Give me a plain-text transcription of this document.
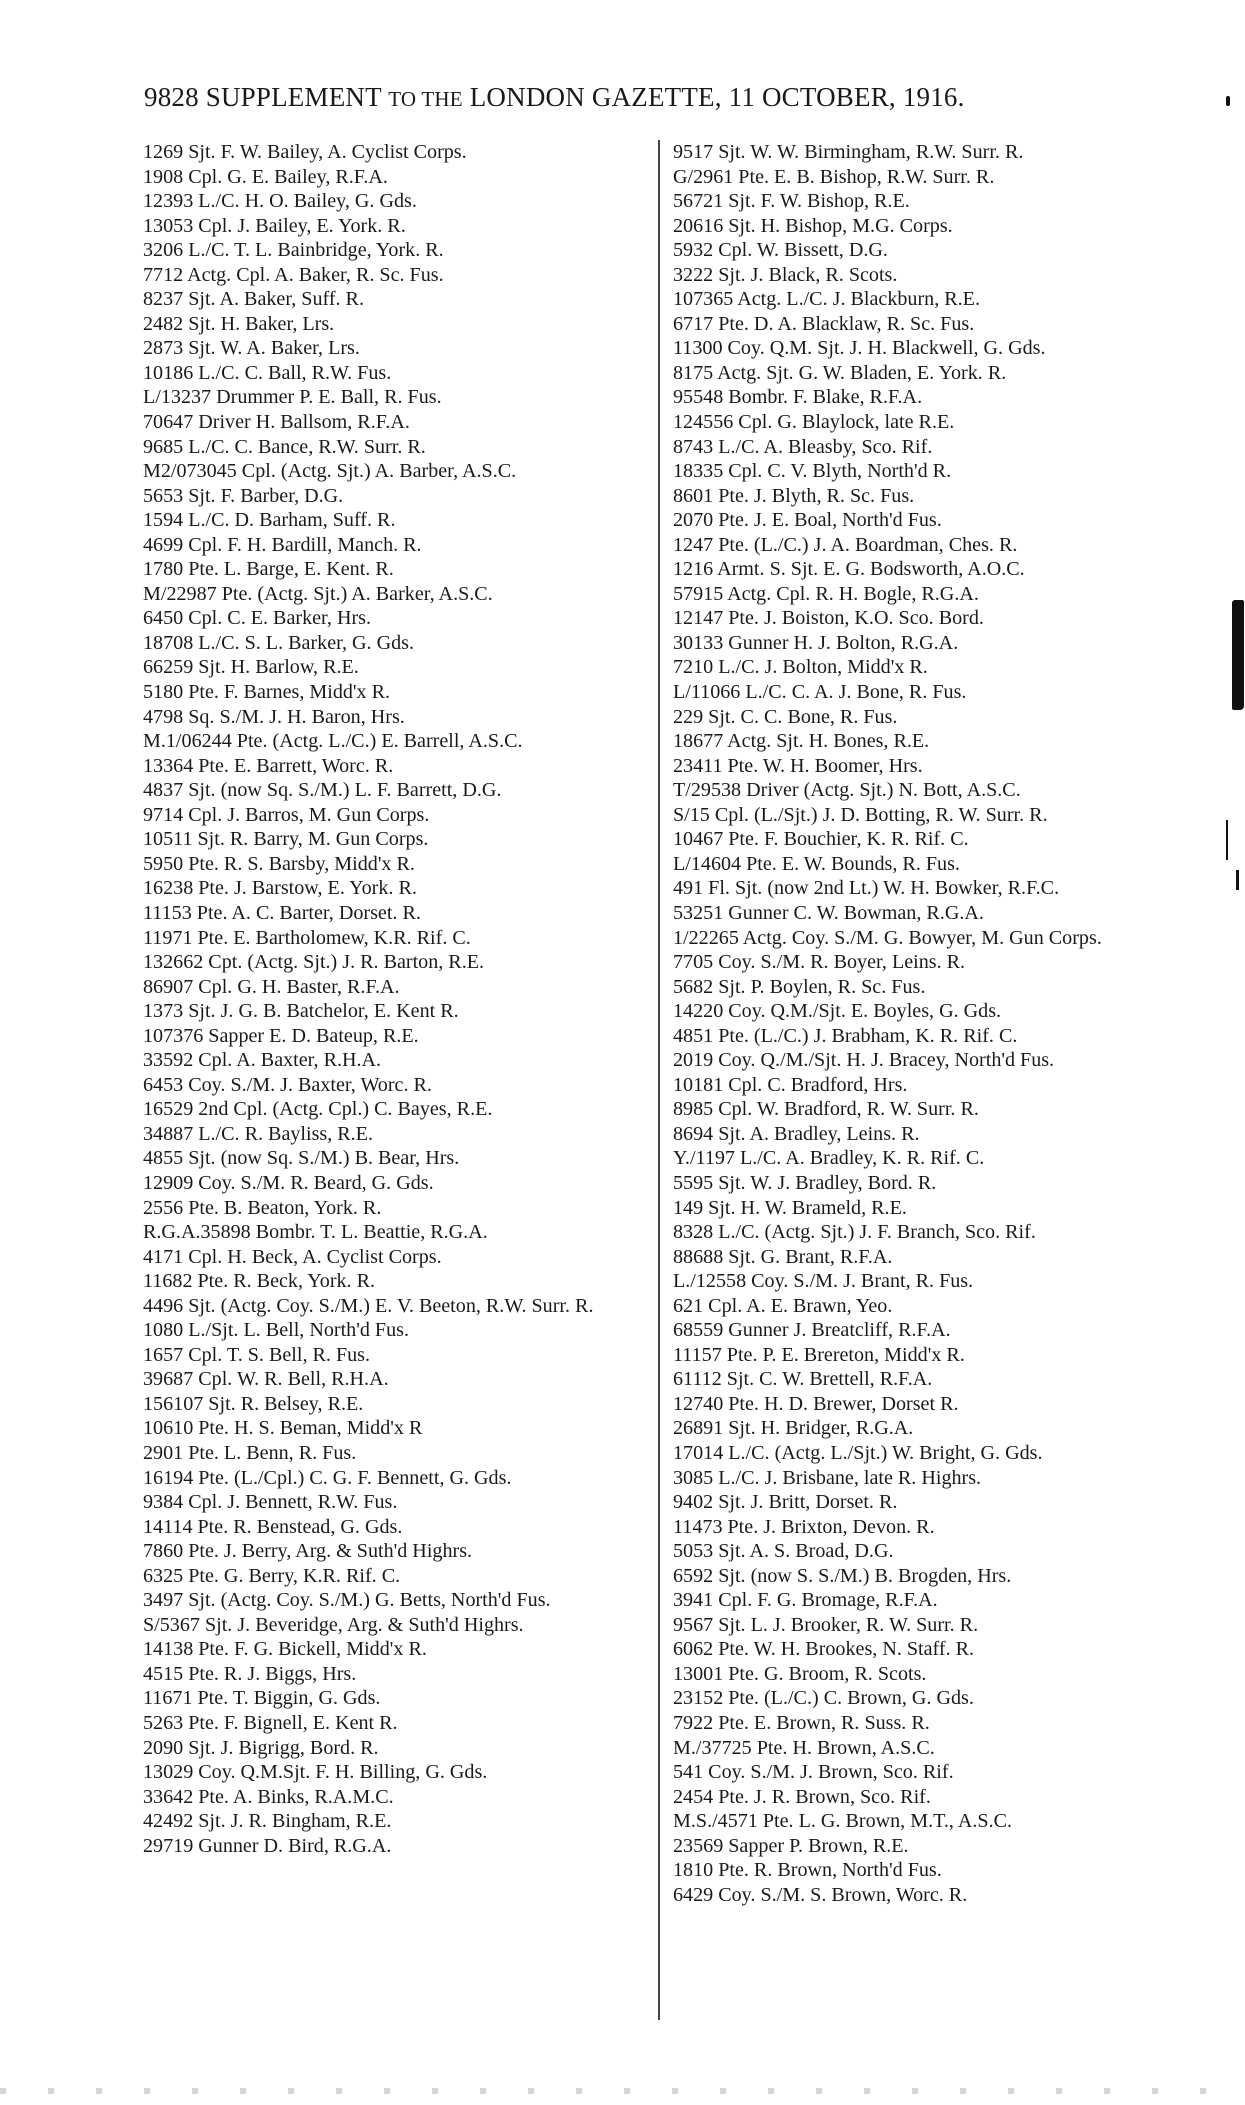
9828 SUPPLEMENT TO THE LONDON GAZETTE, 11 OCTOBER, 1916.
1269 Sjt. F. W. Bailey, A. Cyclist Corps.
1908 Cpl. G. E. Bailey, R.F.A.
12393 L./C. H. O. Bailey, G. Gds.
13053 Cpl. J. Bailey, E. York. R.
3206 L./C. T. L. Bainbridge, York. R.
7712 Actg. Cpl. A. Baker, R. Sc. Fus.
8237 Sjt. A. Baker, Suff. R.
2482 Sjt. H. Baker, Lrs.
2873 Sjt. W. A. Baker, Lrs.
10186 L./C. C. Ball, R.W. Fus.
L/13237 Drummer P. E. Ball, R. Fus.
70647 Driver H. Ballsom, R.F.A.
9685 L./C. C. Bance, R.W. Surr. R.
M2/073045 Cpl. (Actg. Sjt.) A. Barber, A.S.C.
5653 Sjt. F. Barber, D.G.
1594 L./C. D. Barham, Suff. R.
4699 Cpl. F. H. Bardill, Manch. R.
1780 Pte. L. Barge, E. Kent. R.
M/22987 Pte. (Actg. Sjt.) A. Barker, A.S.C.
6450 Cpl. C. E. Barker, Hrs.
18708 L./C. S. L. Barker, G. Gds.
66259 Sjt. H. Barlow, R.E.
5180 Pte. F. Barnes, Midd'x R.
4798 Sq. S./M. J. H. Baron, Hrs.
M.1/06244 Pte. (Actg. L./C.) E. Barrell, A.S.C.
13364 Pte. E. Barrett, Worc. R.
4837 Sjt. (now Sq. S./M.) L. F. Barrett, D.G.
9714 Cpl. J. Barros, M. Gun Corps.
10511 Sjt. R. Barry, M. Gun Corps.
5950 Pte. R. S. Barsby, Midd'x R.
16238 Pte. J. Barstow, E. York. R.
11153 Pte. A. C. Barter, Dorset. R.
11971 Pte. E. Bartholomew, K.R. Rif. C.
132662 Cpt. (Actg. Sjt.) J. R. Barton, R.E.
86907 Cpl. G. H. Baster, R.F.A.
1373 Sjt. J. G. B. Batchelor, E. Kent R.
107376 Sapper E. D. Bateup, R.E.
33592 Cpl. A. Baxter, R.H.A.
6453 Coy. S./M. J. Baxter, Worc. R.
16529 2nd Cpl. (Actg. Cpl.) C. Bayes, R.E.
34887 L./C. R. Bayliss, R.E.
4855 Sjt. (now Sq. S./M.) B. Bear, Hrs.
12909 Coy. S./M. R. Beard, G. Gds.
2556 Pte. B. Beaton, York. R.
R.G.A.35898 Bombr. T. L. Beattie, R.G.A.
4171 Cpl. H. Beck, A. Cyclist Corps.
11682 Pte. R. Beck, York. R.
4496 Sjt. (Actg. Coy. S./M.) E. V. Beeton, R.W. Surr. R.
1080 L./Sjt. L. Bell, North'd Fus.
1657 Cpl. T. S. Bell, R. Fus.
39687 Cpl. W. R. Bell, R.H.A.
156107 Sjt. R. Belsey, R.E.
10610 Pte. H. S. Beman, Midd'x R
2901 Pte. L. Benn, R. Fus.
16194 Pte. (L./Cpl.) C. G. F. Bennett, G. Gds.
9384 Cpl. J. Bennett, R.W. Fus.
14114 Pte. R. Benstead, G. Gds.
7860 Pte. J. Berry, Arg. & Suth'd Highrs.
6325 Pte. G. Berry, K.R. Rif. C.
3497 Sjt. (Actg. Coy. S./M.) G. Betts, North'd Fus.
S/5367 Sjt. J. Beveridge, Arg. & Suth'd Highrs.
14138 Pte. F. G. Bickell, Midd'x R.
4515 Pte. R. J. Biggs, Hrs.
11671 Pte. T. Biggin, G. Gds.
5263 Pte. F. Bignell, E. Kent R.
2090 Sjt. J. Bigrigg, Bord. R.
13029 Coy. Q.M.Sjt. F. H. Billing, G. Gds.
33642 Pte. A. Binks, R.A.M.C.
42492 Sjt. J. R. Bingham, R.E.
29719 Gunner D. Bird, R.G.A.
9517 Sjt. W. W. Birmingham, R.W. Surr. R.
G/2961 Pte. E. B. Bishop, R.W. Surr. R.
56721 Sjt. F. W. Bishop, R.E.
20616 Sjt. H. Bishop, M.G. Corps.
5932 Cpl. W. Bissett, D.G.
3222 Sjt. J. Black, R. Scots.
107365 Actg. L./C. J. Blackburn, R.E.
6717 Pte. D. A. Blacklaw, R. Sc. Fus.
11300 Coy. Q.M. Sjt. J. H. Blackwell, G. Gds.
8175 Actg. Sjt. G. W. Bladen, E. York. R.
95548 Bombr. F. Blake, R.F.A.
124556 Cpl. G. Blaylock, late R.E.
8743 L./C. A. Bleasby, Sco. Rif.
18335 Cpl. C. V. Blyth, North'd R.
8601 Pte. J. Blyth, R. Sc. Fus.
2070 Pte. J. E. Boal, North'd Fus.
1247 Pte. (L./C.) J. A. Boardman, Ches. R.
1216 Armt. S. Sjt. E. G. Bodsworth, A.O.C.
57915 Actg. Cpl. R. H. Bogle, R.G.A.
12147 Pte. J. Boiston, K.O. Sco. Bord.
30133 Gunner H. J. Bolton, R.G.A.
7210 L./C. J. Bolton, Midd'x R.
L/11066 L./C. C. A. J. Bone, R. Fus.
229 Sjt. C. C. Bone, R. Fus.
18677 Actg. Sjt. H. Bones, R.E.
23411 Pte. W. H. Boomer, Hrs.
T/29538 Driver (Actg. Sjt.) N. Bott, A.S.C.
S/15 Cpl. (L./Sjt.) J. D. Botting, R. W. Surr. R.
10467 Pte. F. Bouchier, K. R. Rif. C.
L/14604 Pte. E. W. Bounds, R. Fus.
491 Fl. Sjt. (now 2nd Lt.) W. H. Bowker, R.F.C.
53251 Gunner C. W. Bowman, R.G.A.
1/22265 Actg. Coy. S./M. G. Bowyer, M. Gun Corps.
7705 Coy. S./M. R. Boyer, Leins. R.
5682 Sjt. P. Boylen, R. Sc. Fus.
14220 Coy. Q.M./Sjt. E. Boyles, G. Gds.
4851 Pte. (L./C.) J. Brabham, K. R. Rif. C.
2019 Coy. Q./M./Sjt. H. J. Bracey, North'd Fus.
10181 Cpl. C. Bradford, Hrs.
8985 Cpl. W. Bradford, R. W. Surr. R.
8694 Sjt. A. Bradley, Leins. R.
Y./1197 L./C. A. Bradley, K. R. Rif. C.
5595 Sjt. W. J. Bradley, Bord. R.
149 Sjt. H. W. Brameld, R.E.
8328 L./C. (Actg. Sjt.) J. F. Branch, Sco. Rif.
88688 Sjt. G. Brant, R.F.A.
L./12558 Coy. S./M. J. Brant, R. Fus.
621 Cpl. A. E. Brawn, Yeo.
68559 Gunner J. Breatcliff, R.F.A.
11157 Pte. P. E. Brereton, Midd'x R.
61112 Sjt. C. W. Brettell, R.F.A.
12740 Pte. H. D. Brewer, Dorset R.
26891 Sjt. H. Bridger, R.G.A.
17014 L./C. (Actg. L./Sjt.) W. Bright, G. Gds.
3085 L./C. J. Brisbane, late R. Highrs.
9402 Sjt. J. Britt, Dorset. R.
11473 Pte. J. Brixton, Devon. R.
5053 Sjt. A. S. Broad, D.G.
6592 Sjt. (now S. S./M.) B. Brogden, Hrs.
3941 Cpl. F. G. Bromage, R.F.A.
9567 Sjt. L. J. Brooker, R. W. Surr. R.
6062 Pte. W. H. Brookes, N. Staff. R.
13001 Pte. G. Broom, R. Scots.
23152 Pte. (L./C.) C. Brown, G. Gds.
7922 Pte. E. Brown, R. Suss. R.
M./37725 Pte. H. Brown, A.S.C.
541 Coy. S./M. J. Brown, Sco. Rif.
2454 Pte. J. R. Brown, Sco. Rif.
M.S./4571 Pte. L. G. Brown, M.T., A.S.C.
23569 Sapper P. Brown, R.E.
1810 Pte. R. Brown, North'd Fus.
6429 Coy. S./M. S. Brown, Worc. R.
